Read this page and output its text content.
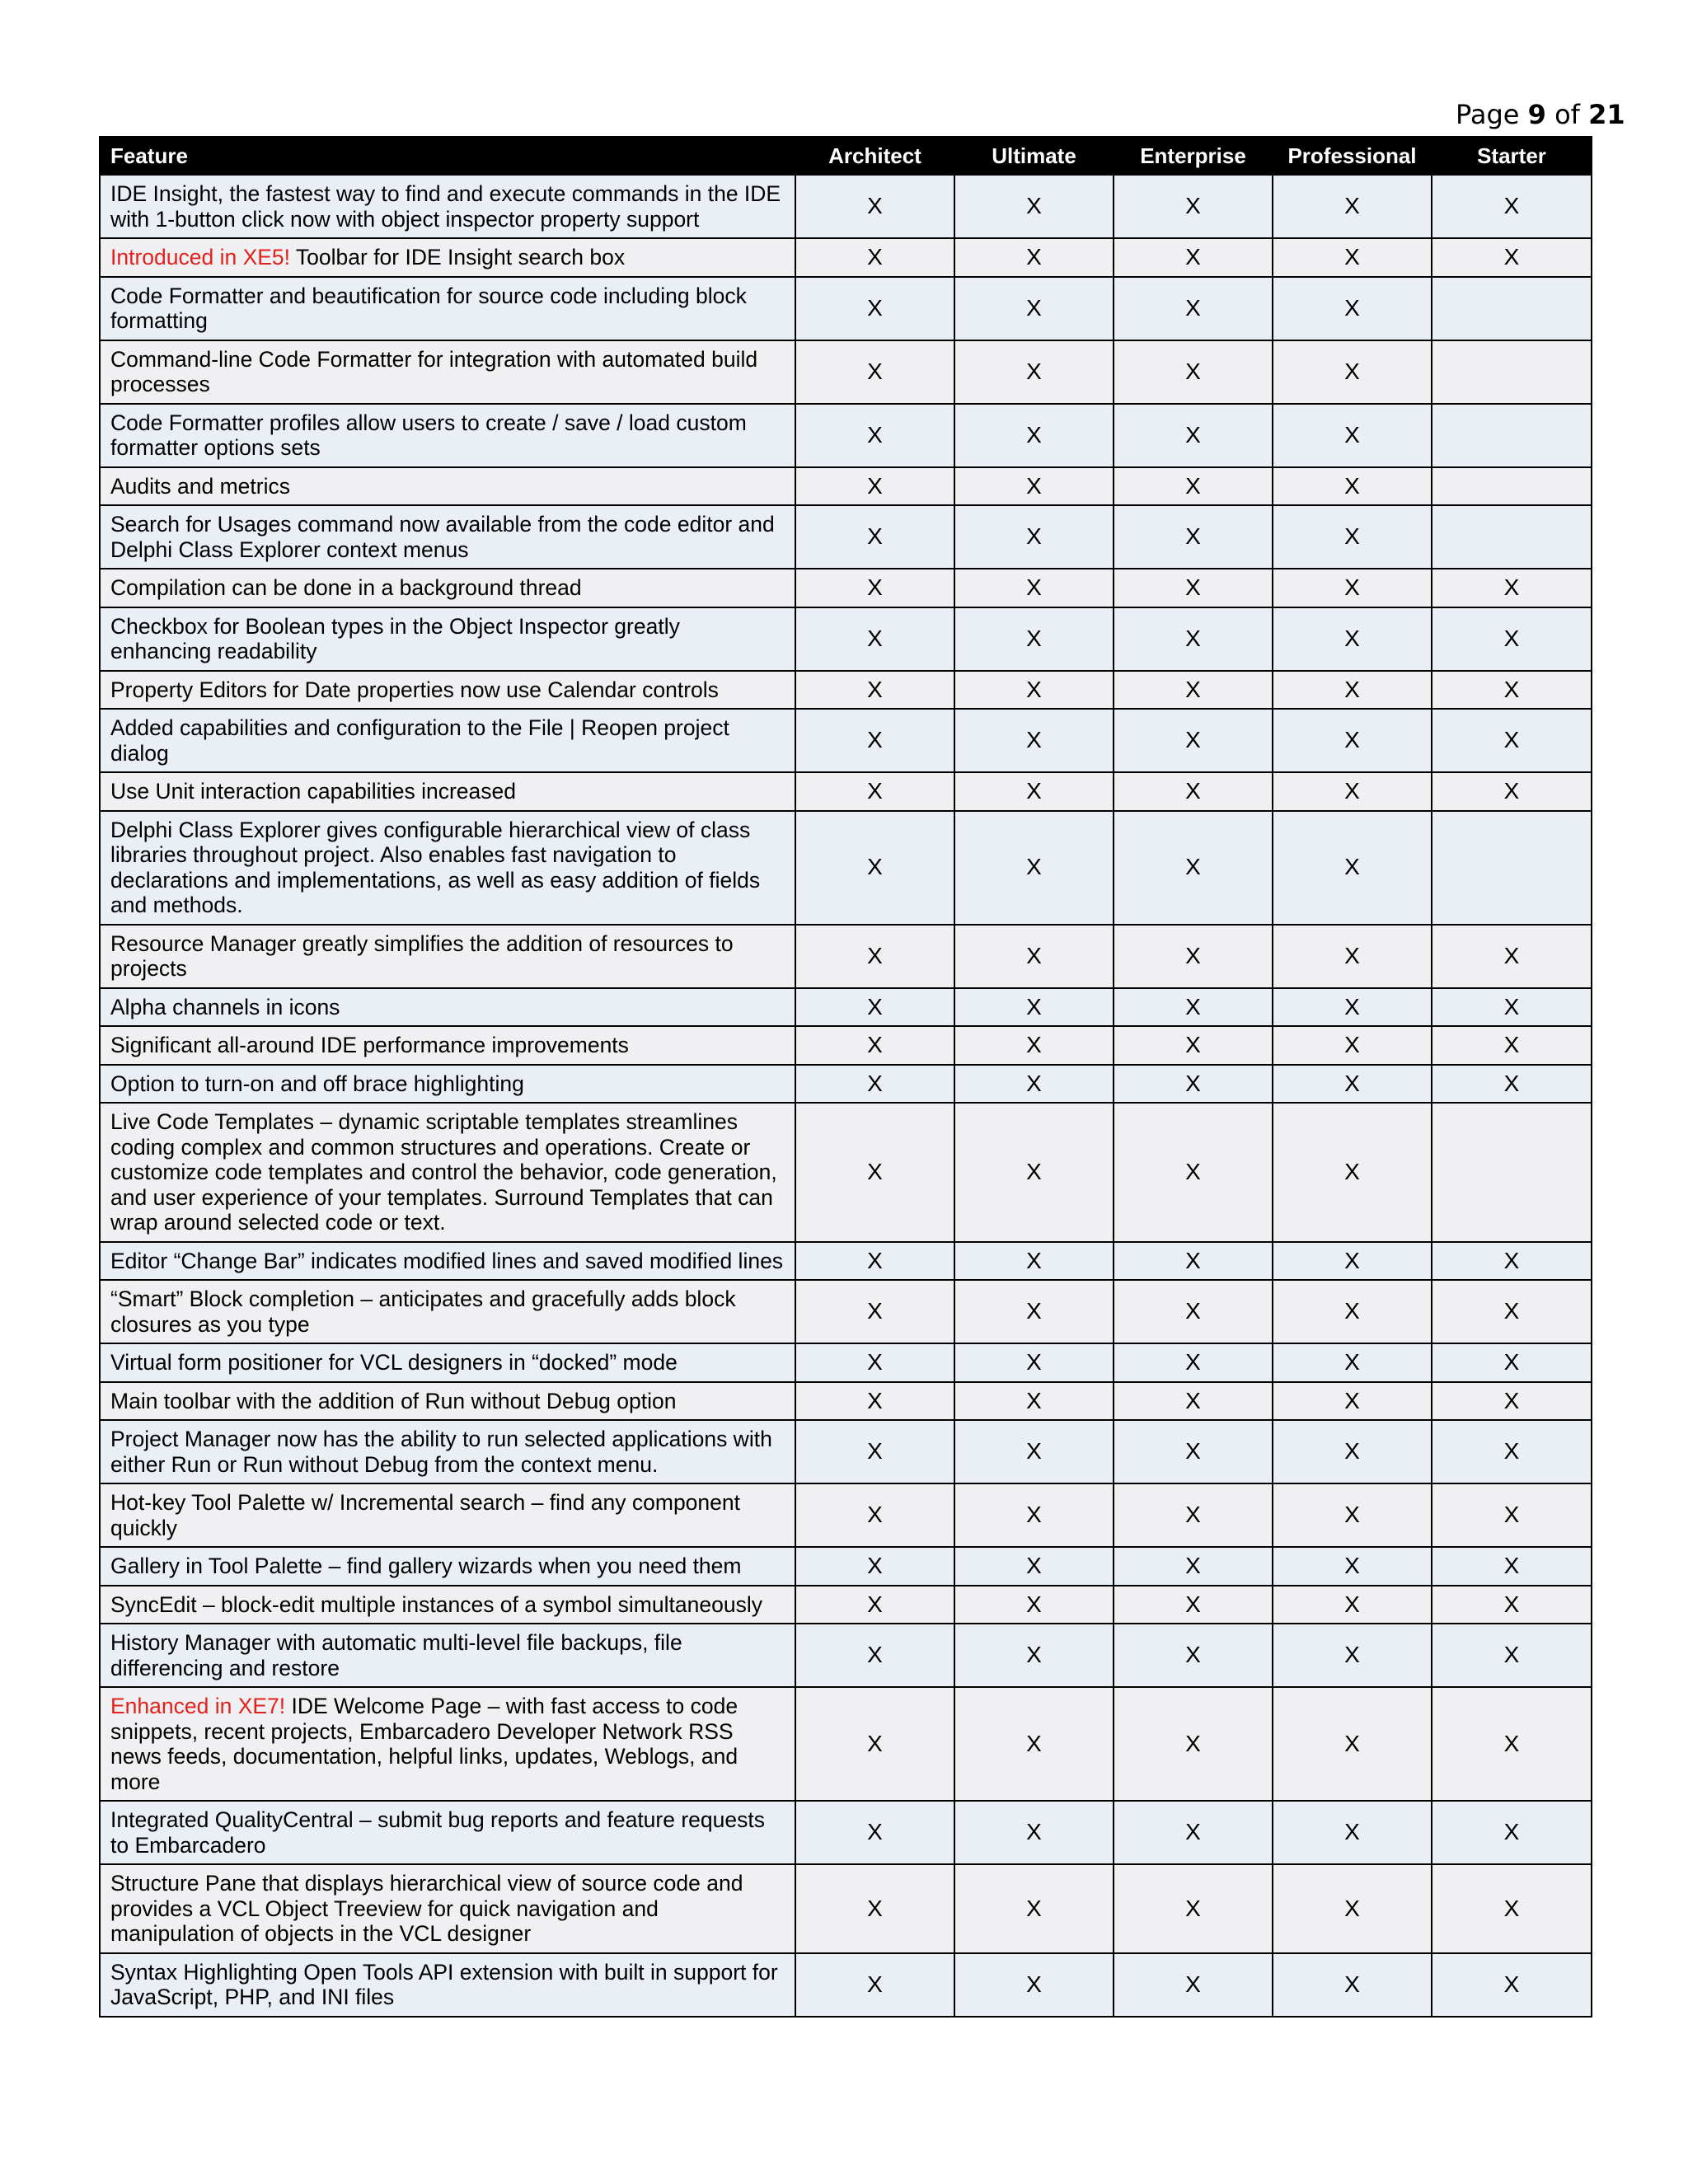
Page 9 of 21
Feature	Architect	Ultimate	Enterprise	Professional	Starter
IDE Insight, the fastest way to find and execute commands in the IDE with 1-button click now with object inspector property support	X	X	X	X	X
Introduced in XE5! Toolbar for IDE Insight search box	X	X	X	X	X
Code Formatter and beautification for source code including block formatting	X	X	X	X	
Command-line Code Formatter for integration with automated build processes	X	X	X	X	
Code Formatter profiles allow users to create / save / load custom formatter options sets	X	X	X	X	
Audits and metrics	X	X	X	X	
Search for Usages command now available from the code editor and Delphi Class Explorer context menus	X	X	X	X	
Compilation can be done in a background thread	X	X	X	X	X
Checkbox for Boolean types in the Object Inspector greatly enhancing readability	X	X	X	X	X
Property Editors for Date properties now use Calendar controls	X	X	X	X	X
Added capabilities and configuration to the File | Reopen project dialog	X	X	X	X	X
Use Unit interaction capabilities increased	X	X	X	X	X
Delphi Class Explorer gives configurable hierarchical view of class libraries throughout project. Also enables fast navigation to declarations and implementations, as well as easy addition of fields and methods.	X	X	X	X	
Resource Manager greatly simplifies the addition of resources to projects	X	X	X	X	X
Alpha channels in icons	X	X	X	X	X
Significant all-around IDE performance improvements	X	X	X	X	X
Option to turn-on and off brace highlighting	X	X	X	X	X
Live Code Templates – dynamic scriptable templates streamlines coding complex and common structures and operations. Create or customize code templates and control the behavior, code generation, and user experience of your templates. Surround Templates that can wrap around selected code or text.	X	X	X	X	
Editor “Change Bar” indicates modified lines and saved modified lines	X	X	X	X	X
“Smart” Block completion – anticipates and gracefully adds block closures as you type	X	X	X	X	X
Virtual form positioner for VCL designers in “docked” mode	X	X	X	X	X
Main toolbar with the addition of Run without Debug option	X	X	X	X	X
Project Manager now has the ability to run selected applications with either Run or Run without Debug from the context menu.	X	X	X	X	X
Hot-key Tool Palette w/ Incremental search – find any component quickly	X	X	X	X	X
Gallery in Tool Palette – find gallery wizards when you need them	X	X	X	X	X
SyncEdit – block-edit multiple instances of a symbol simultaneously	X	X	X	X	X
History Manager with automatic multi-level file backups, file differencing and restore	X	X	X	X	X
Enhanced in XE7! IDE Welcome Page – with fast access to code snippets, recent projects, Embarcadero Developer Network RSS news feeds, documentation, helpful links, updates, Weblogs, and more	X	X	X	X	X
Integrated QualityCentral – submit bug reports and feature requests to Embarcadero	X	X	X	X	X
Structure Pane that displays hierarchical view of source code and provides a VCL Object Treeview for quick navigation and manipulation of objects in the VCL designer	X	X	X	X	X
Syntax Highlighting Open Tools API extension with built in support for JavaScript, PHP, and INI files	X	X	X	X	X
